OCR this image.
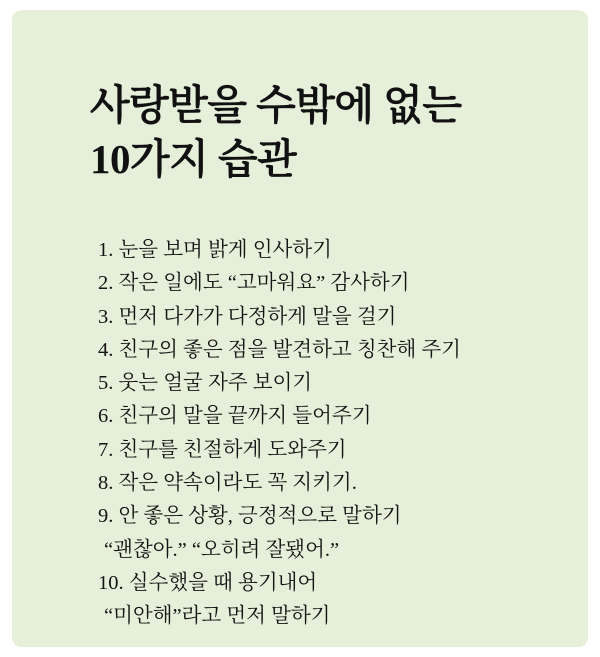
사랑받을 수밖에 없는
10가지 습관
1. 눈을 보며 밝게 인사하기
2. 작은 일에도 “고마워요” 감사하기
3. 먼저 다가가 다정하게 말을 걸기
4. 친구의 좋은 점을 발견하고 칭찬해 주기
5. 웃는 얼굴 자주 보이기
6. 친구의 말을 끝까지 들어주기
7. 친구를 친절하게 도와주기
8. 작은 약속이라도 꼭 지키기.
9. 안 좋은 상황, 긍정적으로 말하기
“괜찮아.” “오히려 잘됐어.”
10. 실수했을 때 용기내어
“미안해”라고 먼저 말하기
